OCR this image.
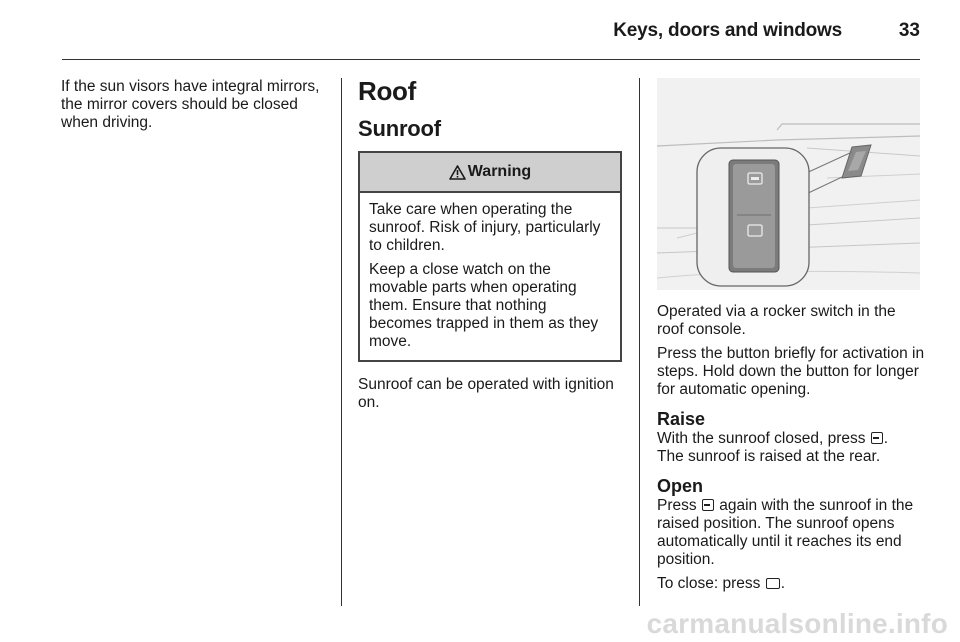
Keys, doors and windows	33

If the sun visors have integral mirrors, the mirror covers should be closed when driving.

Roof
Sunroof
Warning

Take care when operating the sunroof. Risk of injury, particularly to children.

Keep a close watch on the movable parts when operating them. Ensure that nothing becomes trapped in them as they move.

Sunroof can be operated with ignition on.

Operated via a rocker switch in the roof console.

Press the button briefly for activation in steps. Hold down the button for longer for automatic opening.

Raise

With the sunroof closed, press .
The sunroof is raised at the rear.

Open

Press  again with the sunroof in the raised position. The sunroof opens automatically until it reaches its end position.

To close: press .

carmanualsonline.info
